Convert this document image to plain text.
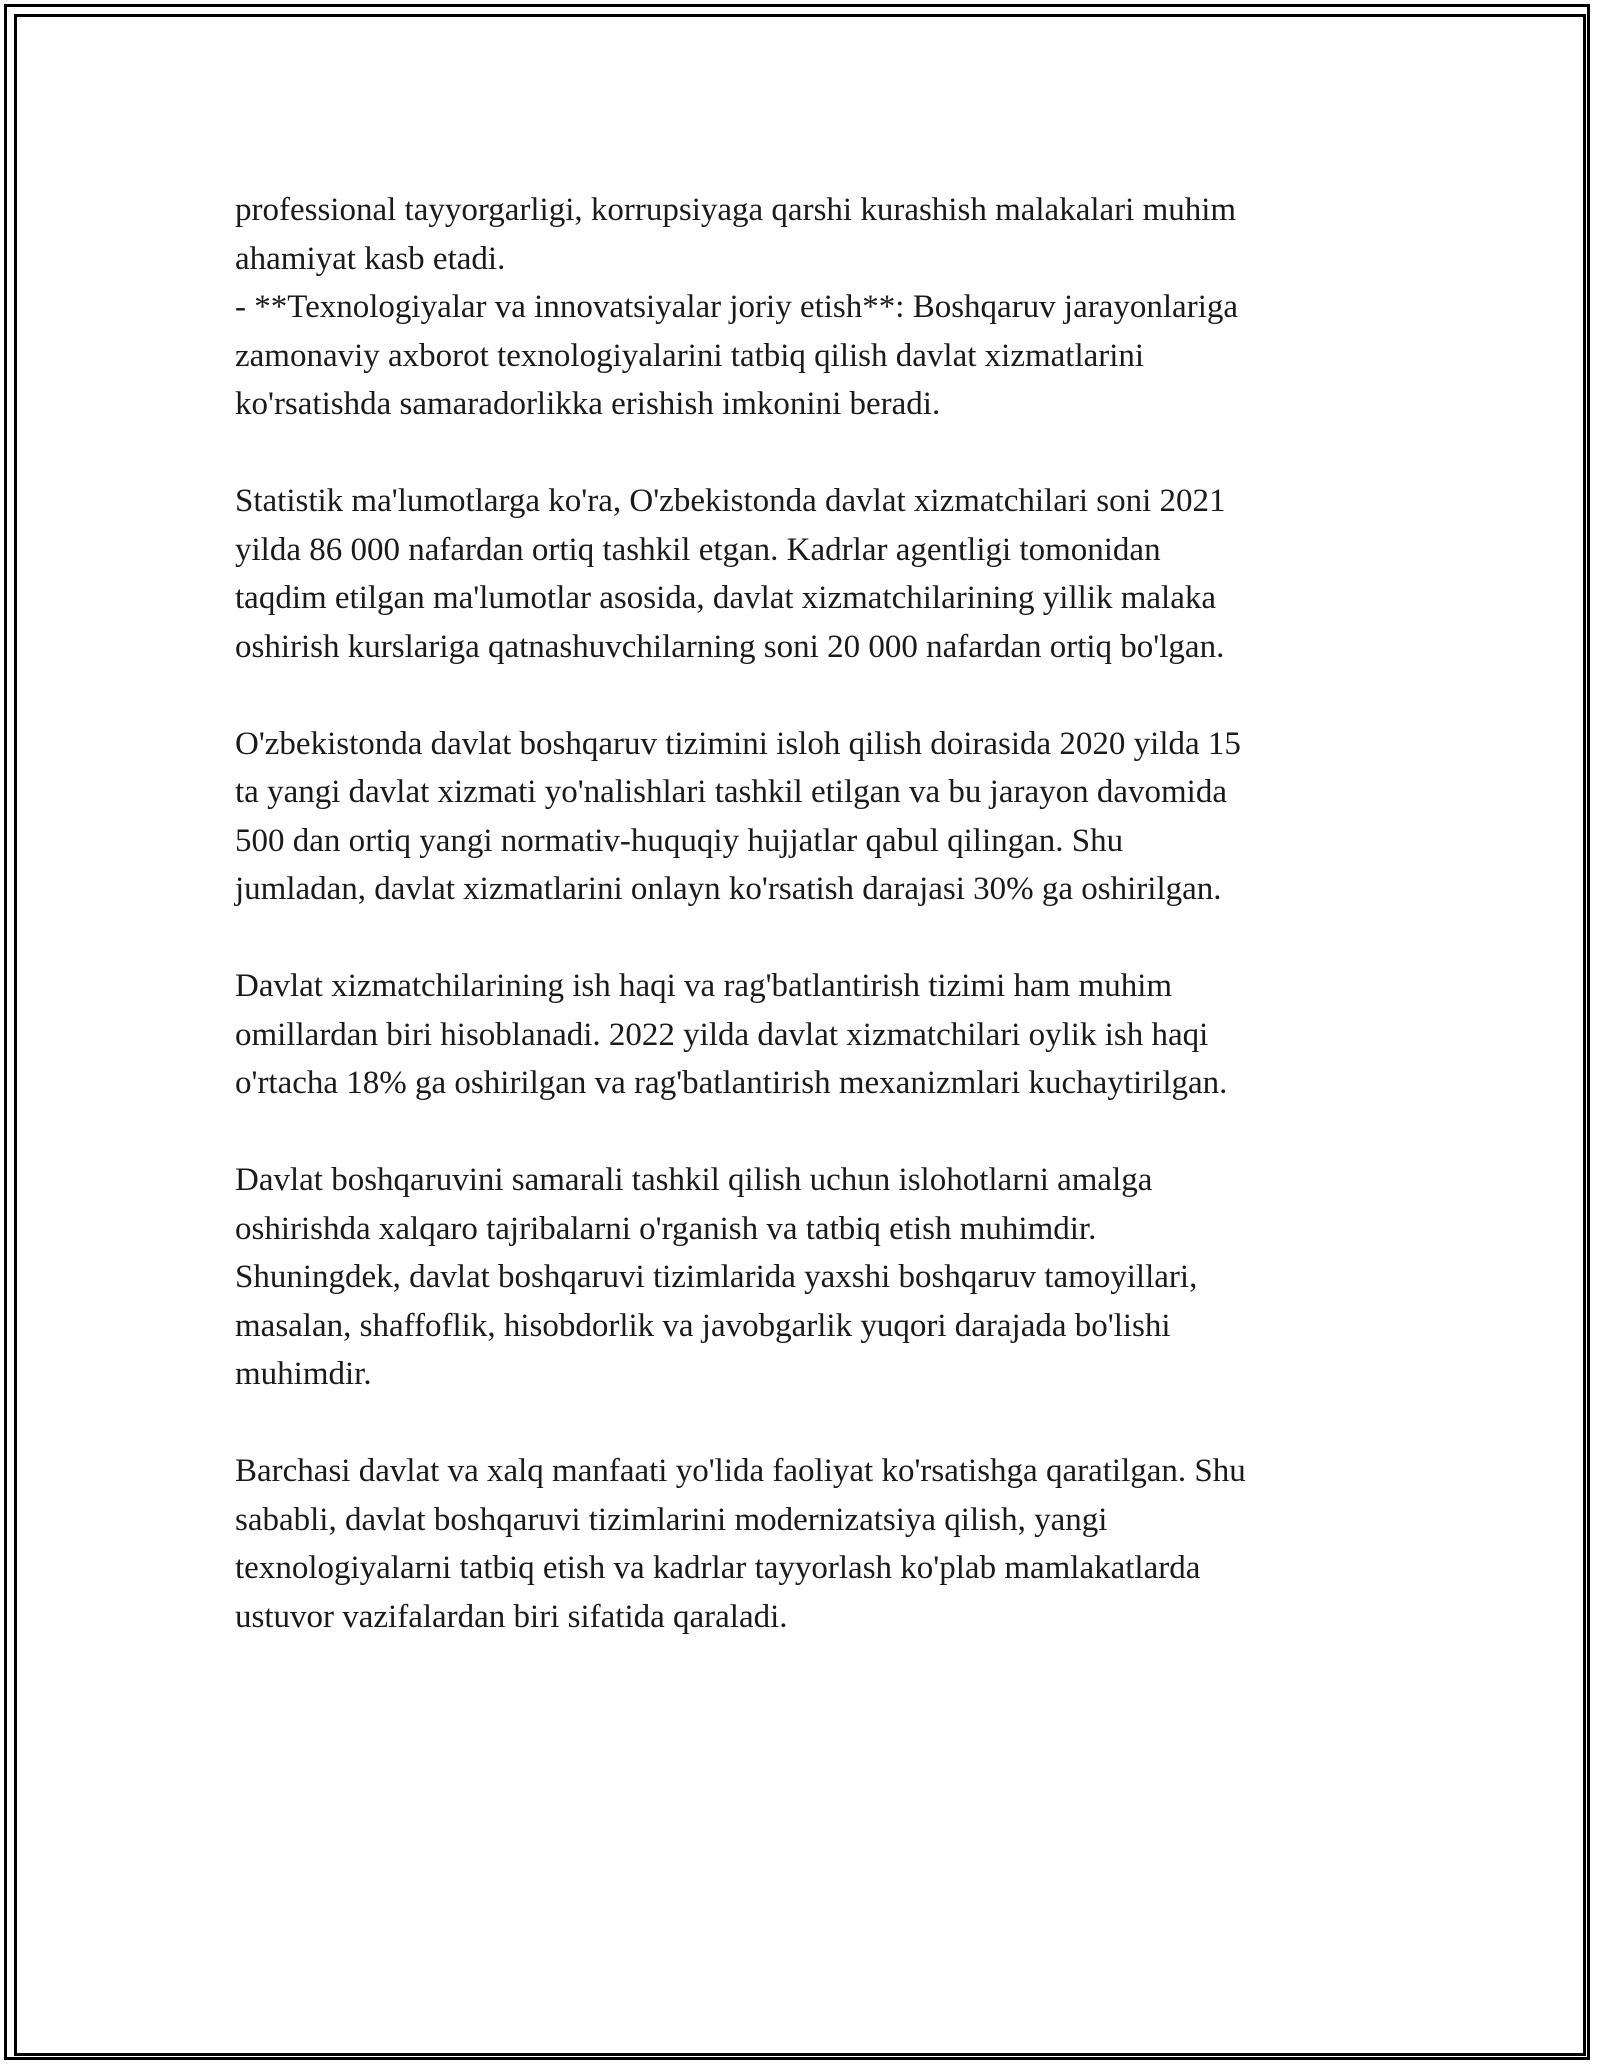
professional tayyorgarligi, korrupsiyaga qarshi kurashish malakalari muhim
ahamiyat kasb etadi.
- **Texnologiyalar va innovatsiyalar joriy etish**: Boshqaruv jarayonlariga
zamonaviy axborot texnologiyalarini tatbiq qilish davlat xizmatlarini
ko'rsatishda samaradorlikka erishish imkonini beradi.

Statistik ma'lumotlarga ko'ra, O'zbekistonda davlat xizmatchilari soni 2021
yilda 86 000 nafardan ortiq tashkil etgan. Kadrlar agentligi tomonidan
taqdim etilgan ma'lumotlar asosida, davlat xizmatchilarining yillik malaka
oshirish kurslariga qatnashuvchilarning soni 20 000 nafardan ortiq bo'lgan.

O'zbekistonda davlat boshqaruv tizimini isloh qilish doirasida 2020 yilda 15
ta yangi davlat xizmati yo'nalishlari tashkil etilgan va bu jarayon davomida
500 dan ortiq yangi normativ-huquqiy hujjatlar qabul qilingan. Shu
jumladan, davlat xizmatlarini onlayn ko'rsatish darajasi 30% ga oshirilgan.

Davlat xizmatchilarining ish haqi va rag'batlantirish tizimi ham muhim
omillardan biri hisoblanadi. 2022 yilda davlat xizmatchilari oylik ish haqi
o'rtacha 18% ga oshirilgan va rag'batlantirish mexanizmlari kuchaytirilgan.

Davlat boshqaruvini samarali tashkil qilish uchun islohotlarni amalga
oshirishda xalqaro tajribalarni o'rganish va tatbiq etish muhimdir.
Shuningdek, davlat boshqaruvi tizimlarida yaxshi boshqaruv tamoyillari,
masalan, shaffoflik, hisobdorlik va javobgarlik yuqori darajada bo'lishi
muhimdir.

Barchasi davlat va xalq manfaati yo'lida faoliyat ko'rsatishga qaratilgan. Shu
sababli, davlat boshqaruvi tizimlarini modernizatsiya qilish, yangi
texnologiyalarni tatbiq etish va kadrlar tayyorlash ko'plab mamlakatlarda
ustuvor vazifalardan biri sifatida qaraladi.
